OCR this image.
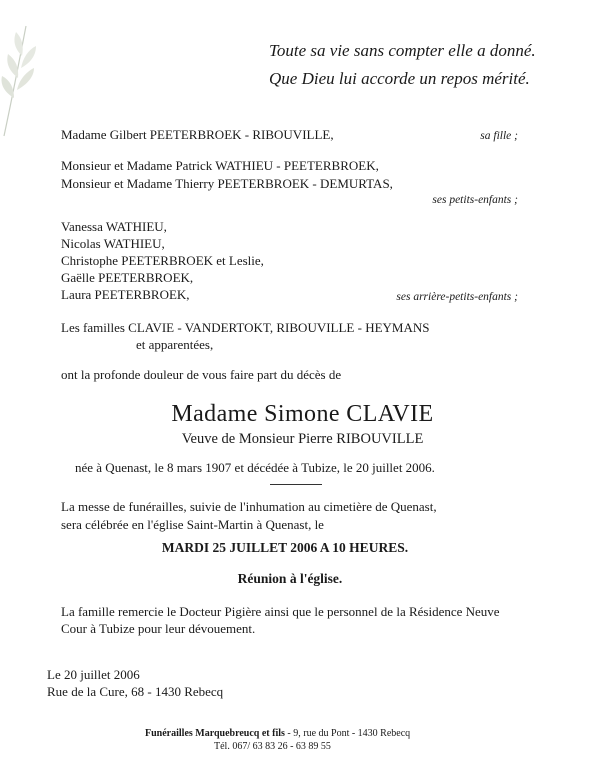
Toute sa vie sans compter elle a donné.
Que Dieu lui accorde un repos mérité.
Madame Gilbert PEETERBROEK - RIBOUVILLE,	sa fille ;
Monsieur et Madame Patrick WATHIEU - PEETERBROEK,
Monsieur et Madame Thierry PEETERBROEK - DEMURTAS,
ses petits-enfants ;
Vanessa WATHIEU,
Nicolas WATHIEU,
Christophe PEETERBROEK et Leslie,
Gaëlle PEETERBROEK,
Laura PEETERBROEK,	ses arrière-petits-enfants ;
Les familles CLAVIE - VANDERTOKT, RIBOUVILLE - HEYMANS
et apparentées,
ont la profonde douleur de vous faire part du décès de
Madame Simone CLAVIE
Veuve de Monsieur Pierre RIBOUVILLE
née à Quenast, le 8 mars 1907 et décédée à Tubize, le 20 juillet 2006.
La messe de funérailles, suivie de l'inhumation au cimetière de Quenast,
sera célébrée en l'église Saint-Martin à Quenast, le
MARDI 25 JUILLET 2006 A 10 HEURES.
Réunion à l'église.
La famille remercie le Docteur Pigière ainsi que le personnel de la Résidence Neuve
Cour à Tubize pour leur dévouement.
Le 20 juillet 2006
Rue de la Cure, 68 - 1430 Rebecq
Funérailles Marquebreucq et fils - 9, rue du Pont - 1430 Rebecq
Tél. 067/ 63 83 26 - 63 89 55
